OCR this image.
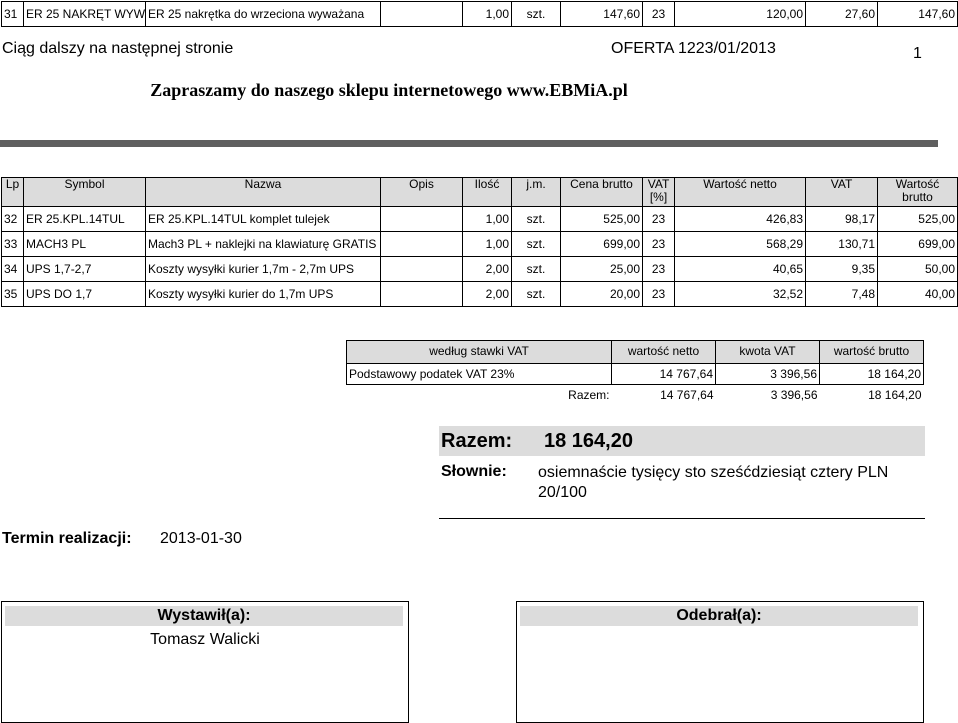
31	ER 25 NAKRĘT WYW	ER 25 nakrętka do wrzeciona wyważana		1,00	szt.	147,60	23	120,00	27,60	147,60
Ciąg dalszy na następnej stronie	OFERTA 1223/01/2013	1
Zapraszamy do naszego sklepu internetowego www.EBMiA.pl
Lp	Symbol	Nazwa	Opis	Ilość	j.m.	Cena brutto	VAT [%]	Wartość netto	VAT	Wartość brutto
32	ER 25.KPL.14TUL	ER 25.KPL.14TUL komplet tulejek		1,00	szt.	525,00	23	426,83	98,17	525,00
33	MACH3 PL	Mach3 PL + naklejki na klawiaturę GRATIS		1,00	szt.	699,00	23	568,29	130,71	699,00
34	UPS 1,7-2,7	Koszty wysyłki kurier 1,7m - 2,7m UPS		2,00	szt.	25,00	23	40,65	9,35	50,00
35	UPS DO 1,7	Koszty wysyłki kurier do 1,7m UPS		2,00	szt.	20,00	23	32,52	7,48	40,00
według stawki VAT	wartość netto	kwota VAT	wartość brutto
Podstawowy podatek VAT 23%	14 767,64	3 396,56	18 164,20
Razem:	14 767,64	3 396,56	18 164,20
Razem: 18 164,20
Słownie: osiemnaście tysięcy sto sześćdziesiąt cztery PLN 20/100
Termin realizacji: 2013-01-30
Wystawił(a):
Tomasz Walicki
Odebrał(a):
